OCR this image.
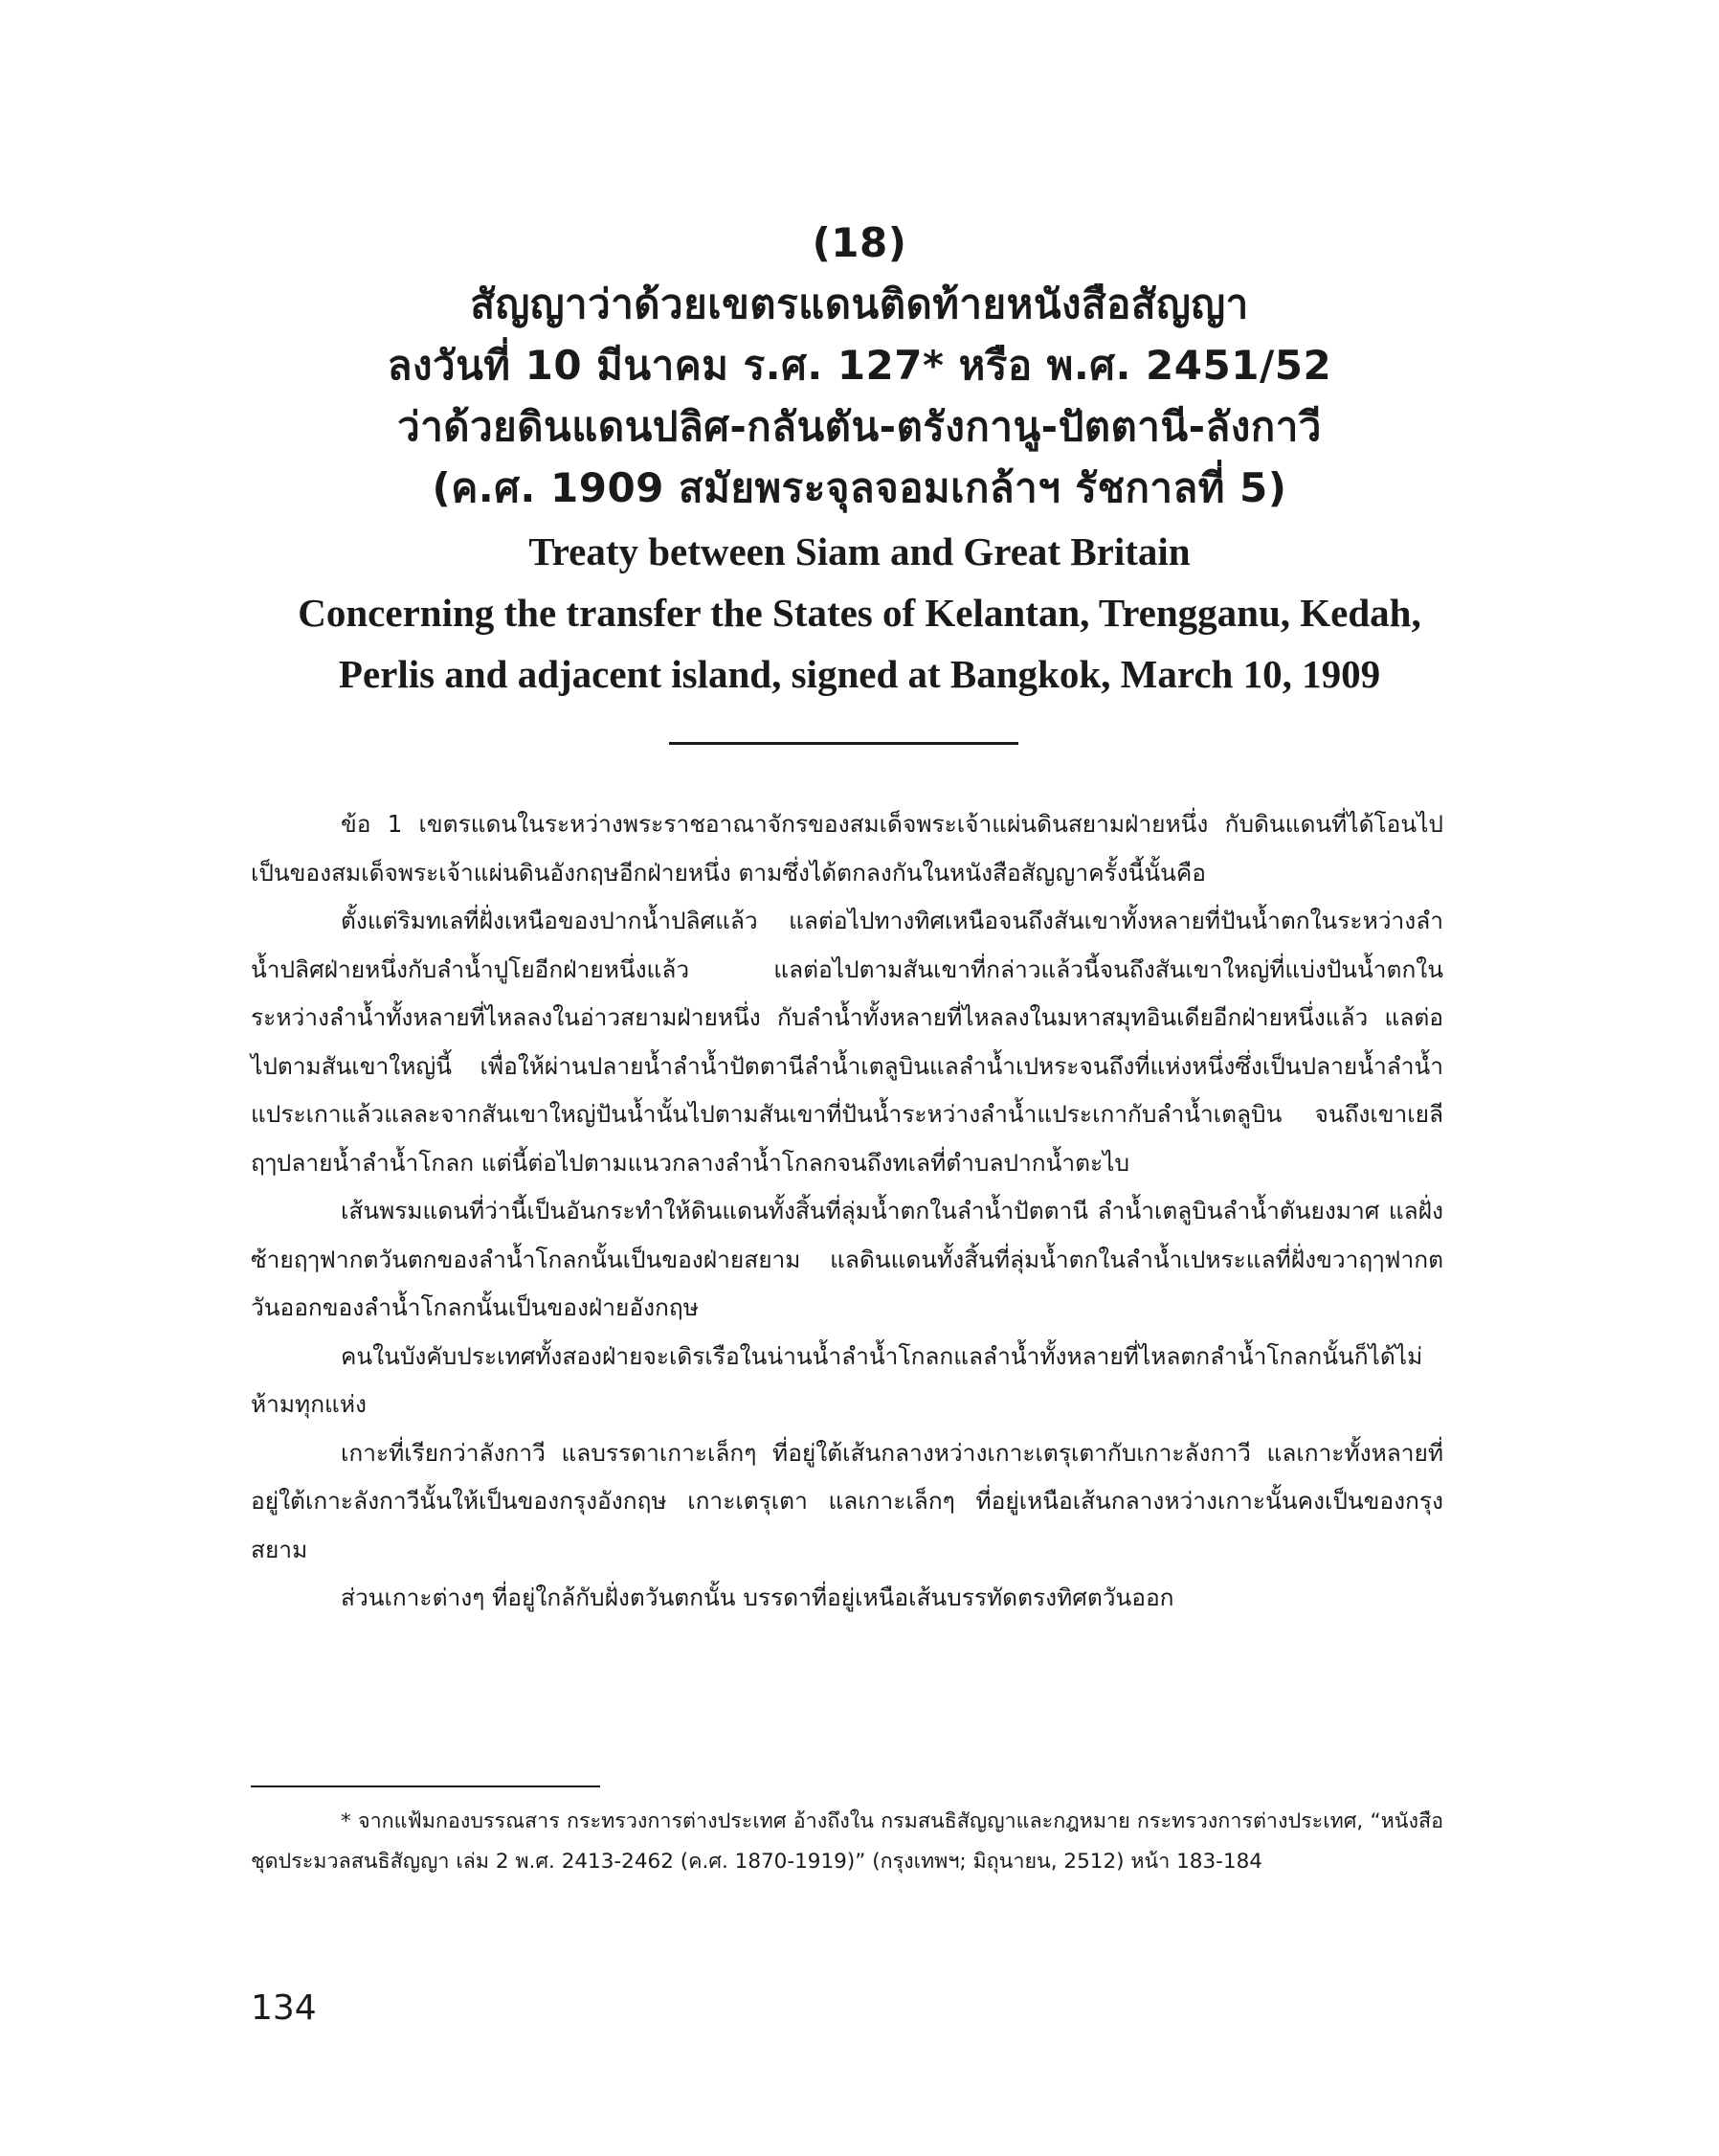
(18)
สัญญาว่าด้วยเขตรแดนติดท้ายหนังสือสัญญา
ลงวันที่ 10 มีนาคม ร.ศ. 127* หรือ พ.ศ. 2451/52
ว่าด้วยดินแดนปลิศ-กลันตัน-ตรังกานู-ปัตตานี-ลังกาวี
(ค.ศ. 1909 สมัยพระจุลจอมเกล้าฯ รัชกาลที่ 5)
Treaty between Siam and Great Britain
Concerning the transfer the States of Kelantan, Trengganu, Kedah,
Perlis and adjacent island, signed at Bangkok, March 10, 1909

ข้อ 1 เขตรแดนในระหว่างพระราชอาณาจักรของสมเด็จพระเจ้าแผ่นดินสยามฝ่ายหนึ่ง กับดินแดนที่ได้โอนไปเป็นของสมเด็จพระเจ้าแผ่นดินอังกฤษอีกฝ่ายหนึ่ง ตามซึ่งได้ตกลงกันในหนังสือสัญญาครั้งนี้นั้นคือ

ตั้งแต่ริมทเลที่ฝั่งเหนือของปากน้ำปลิศแล้ว แลต่อไปทางทิศเหนือจนถึงสันเขาทั้งหลายที่ปันน้ำตกในระหว่างลำน้ำปลิศฝ่ายหนึ่งกับลำน้ำปูโยอีกฝ่ายหนึ่งแล้ว แลต่อไปตามสันเขาที่กล่าวแล้วนี้จนถึงสันเขาใหญ่ที่แบ่งปันน้ำตกในระหว่างลำน้ำทั้งหลายที่ไหลลงในอ่าวสยามฝ่ายหนึ่ง กับลำน้ำทั้งหลายที่ไหลลงในมหาสมุทอินเดียอีกฝ่ายหนึ่งแล้ว แลต่อไปตามสันเขาใหญ่นี้ เพื่อให้ผ่านปลายน้ำลำน้ำปัตตานีลำน้ำเตลูบินแลลำน้ำเปหระจนถึงที่แห่งหนึ่งซึ่งเป็นปลายน้ำลำน้ำแประเกาแล้วแลละจากสันเขาใหญ่ปันน้ำนั้นไปตามสันเขาที่ปันน้ำระหว่างลำน้ำแประเกากับลำน้ำเตลูบิน จนถึงเขาเยลีฤๅปลายน้ำลำน้ำโกลก แต่นี้ต่อไปตามแนวกลางลำน้ำโกลกจนถึงทเลที่ตำบลปากน้ำตะไบ

เส้นพรมแดนที่ว่านี้เป็นอันกระทำให้ดินแดนทั้งสิ้นที่ลุ่มน้ำตกในลำน้ำปัตตานี ลำน้ำเตลูบินลำน้ำตันยงมาศ แลฝั่งซ้ายฤๅฟากตวันตกของลำน้ำโกลกนั้นเป็นของฝ่ายสยาม แลดินแดนทั้งสิ้นที่ลุ่มน้ำตกในลำน้ำเปหระแลที่ฝั่งขวาฤๅฟากตวันออกของลำน้ำโกลกนั้นเป็นของฝ่ายอังกฤษ

คนในบังคับประเทศทั้งสองฝ่ายจะเดิรเรือในน่านน้ำลำน้ำโกลกแลลำน้ำทั้งหลายที่ไหลตกลำน้ำโกลกนั้นก็ได้ไม่ห้ามทุกแห่ง

เกาะที่เรียกว่าลังกาวี แลบรรดาเกาะเล็กๆ ที่อยู่ใต้เส้นกลางหว่างเกาะเตรุเตากับเกาะลังกาวี แลเกาะทั้งหลายที่อยู่ใต้เกาะลังกาวีนั้นให้เป็นของกรุงอังกฤษ เกาะเตรุเตา แลเกาะเล็กๆ ที่อยู่เหนือเส้นกลางหว่างเกาะนั้นคงเป็นของกรุงสยาม

ส่วนเกาะต่างๆ ที่อยู่ใกล้กับฝั่งตวันตกนั้น บรรดาที่อยู่เหนือเส้นบรรทัดตรงทิศตวันออก

* จากแฟ้มกองบรรณสาร กระทรวงการต่างประเทศ อ้างถึงใน กรมสนธิสัญญาและกฎหมาย กระทรวงการต่างประเทศ, “หนังสือชุดประมวลสนธิสัญญา เล่ม 2 พ.ศ. 2413-2462 (ค.ศ. 1870-1919)” (กรุงเทพฯ; มิถุนายน, 2512) หน้า 183-184

134
